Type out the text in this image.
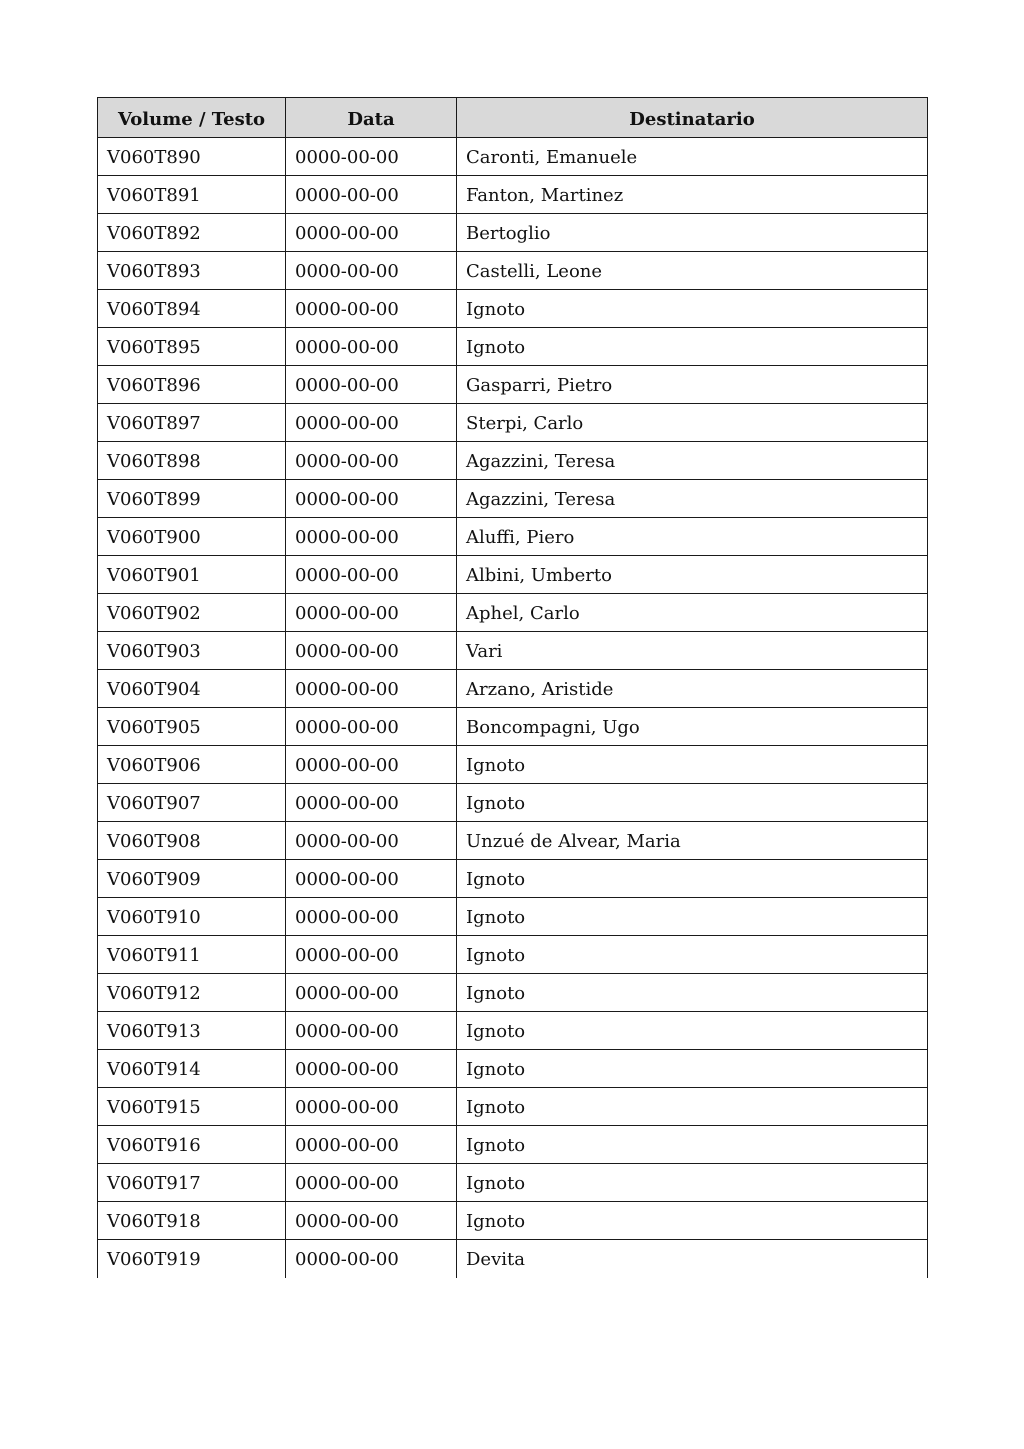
Volume / Testo	Data	Destinatario
V060T890	0000-00-00	Caronti, Emanuele
V060T891	0000-00-00	Fanton, Martinez
V060T892	0000-00-00	Bertoglio
V060T893	0000-00-00	Castelli, Leone
V060T894	0000-00-00	Ignoto
V060T895	0000-00-00	Ignoto
V060T896	0000-00-00	Gasparri, Pietro
V060T897	0000-00-00	Sterpi, Carlo
V060T898	0000-00-00	Agazzini, Teresa
V060T899	0000-00-00	Agazzini, Teresa
V060T900	0000-00-00	Aluffi, Piero
V060T901	0000-00-00	Albini, Umberto
V060T902	0000-00-00	Aphel, Carlo
V060T903	0000-00-00	Vari
V060T904	0000-00-00	Arzano, Aristide
V060T905	0000-00-00	Boncompagni, Ugo
V060T906	0000-00-00	Ignoto
V060T907	0000-00-00	Ignoto
V060T908	0000-00-00	Unzué de Alvear, Maria
V060T909	0000-00-00	Ignoto
V060T910	0000-00-00	Ignoto
V060T911	0000-00-00	Ignoto
V060T912	0000-00-00	Ignoto
V060T913	0000-00-00	Ignoto
V060T914	0000-00-00	Ignoto
V060T915	0000-00-00	Ignoto
V060T916	0000-00-00	Ignoto
V060T917	0000-00-00	Ignoto
V060T918	0000-00-00	Ignoto
V060T919	0000-00-00	Devita
